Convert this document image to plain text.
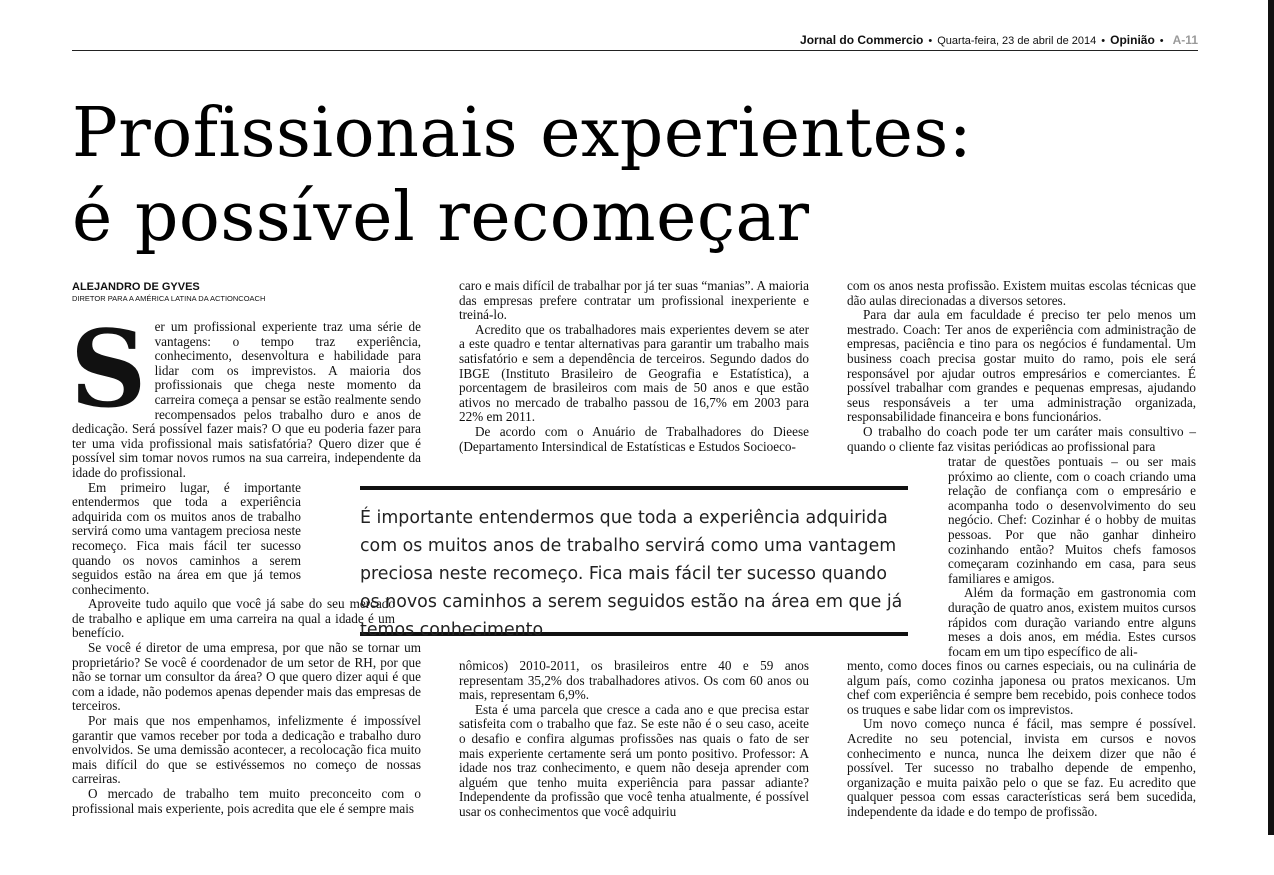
Jornal do Commercio • Quarta-feira, 23 de abril de 2014 • Opinião • A-11
Profissionais experientes:
é possível recomeçar
ALEJANDRO DE GYVES
DIRETOR PARA A AMÉRICA LATINA DA ACTIONCOACH
S er um profissional experiente traz uma série de vantagens: o tempo traz experiência, conhecimento, desenvoltura e habilidade para lidar com os imprevistos. A maioria dos profissionais que chega neste momento da carreira começa a pensar se estão realmente sendo recompensados pelos trabalho duro e anos de dedicação. Será possível fazer mais? O que eu poderia fazer para ter uma vida profissional mais satisfatória? Quero dizer que é possível sim tomar novos rumos na sua carreira, independente da idade do profissional.

Em primeiro lugar, é importante entendermos que toda a experiência adquirida com os muitos anos de trabalho servirá como uma vantagem preciosa neste recomeço. Fica mais fácil ter sucesso quando os novos caminhos a serem seguidos estão na área em que já temos conhecimento.

Aproveite tudo aquilo que você já sabe do seu mercado de trabalho e aplique em uma carreira na qual a idade é um benefício.

Se você é diretor de uma empresa, por que não se tornar um proprietário? Se você é coordenador de um setor de RH, por que não se tornar um consultor da área? O que quero dizer aqui é que com a idade, não podemos apenas depender mais das empresas de terceiros.

Por mais que nos empenhamos, infelizmente é impossível garantir que vamos receber por toda a dedicação e trabalho duro envolvidos. Se uma demissão acontecer, a recolocação fica muito mais difícil do que se estivéssemos no começo de nossas carreiras.

O mercado de trabalho tem muito preconceito com o profissional mais experiente, pois acredita que ele é sempre mais

caro e mais difícil de trabalhar por já ter suas “manias”. A maioria das empresas prefere contratar um profissional inexperiente e treiná-lo.

Acredito que os trabalhadores mais experientes devem se ater a este quadro e tentar alternativas para garantir um trabalho mais satisfatório e sem a dependência de terceiros. Segundo dados do IBGE (Instituto Brasileiro de Geografia e Estatística), a porcentagem de brasileiros com mais de 50 anos e que estão ativos no mercado de trabalho passou de 16,7% em 2003 para 22% em 2011.

De acordo com o Anuário de Trabalhadores do Dieese (Departamento Intersindical de Estatísticas e Estudos Socioeco-

nômicos) 2010-2011, os brasileiros entre 40 e 59 anos representam 35,2% dos trabalhadores ativos. Os com 60 anos ou mais, representam 6,9%.

Esta é uma parcela que cresce a cada ano e que precisa estar satisfeita com o trabalho que faz. Se este não é o seu caso, aceite o desafio e confira algumas profissões nas quais o fato de ser mais experiente certamente será um ponto positivo. Professor: A idade nos traz conhecimento, e quem não deseja aprender com alguém que tenho muita experiência para passar adiante? Independente da profissão que você tenha atualmente, é possível usar os conhecimentos que você adquiriu

com os anos nesta profissão. Existem muitas escolas técnicas que dão aulas direcionadas a diversos setores.

Para dar aula em faculdade é preciso ter pelo menos um mestrado. Coach: Ter anos de experiência com administração de empresas, paciência e tino para os negócios é fundamental. Um business coach precisa gostar muito do ramo, pois ele será responsável por ajudar outros empresários e comerciantes. É possível trabalhar com grandes e pequenas empresas, ajudando seus responsáveis a ter uma administração organizada, responsabilidade financeira e bons funcionários.

O trabalho do coach pode ter um caráter mais consultivo – quando o cliente faz visitas periódicas ao profissional para

tratar de questões pontuais – ou ser mais próximo ao cliente, com o coach criando uma relação de confiança com o empresário e acompanha todo o desenvolvimento do seu negócio. Chef: Cozinhar é o hobby de muitas pessoas. Por que não ganhar dinheiro cozinhando então? Muitos chefs famosos começaram cozinhando em casa, para seus familiares e amigos.

Além da formação em gastronomia com duração de quatro anos, existem muitos cursos rápidos com duração variando entre alguns meses a dois anos, em média. Estes cursos focam em um tipo específico de ali-

mento, como doces finos ou carnes especiais, ou na culinária de algum país, como cozinha japonesa ou pratos mexicanos. Um chef com experiência é sempre bem recebido, pois conhece todos os truques e sabe lidar com os imprevistos.

Um novo começo nunca é fácil, mas sempre é possível. Acredite no seu potencial, invista em cursos e novos conhecimento e nunca, nunca lhe deixem dizer que não é possível. Ter sucesso no trabalho depende de empenho, organização e muita paixão pelo o que se faz. Eu acredito que qualquer pessoa com essas características será bem sucedida, independente da idade e do tempo de profissão.

É importante entendermos que toda a experiência adquirida com os muitos anos de trabalho servirá como uma vantagem preciosa neste recomeço. Fica mais fácil ter sucesso quando os novos caminhos a serem seguidos estão na área em que já temos conhecimento
